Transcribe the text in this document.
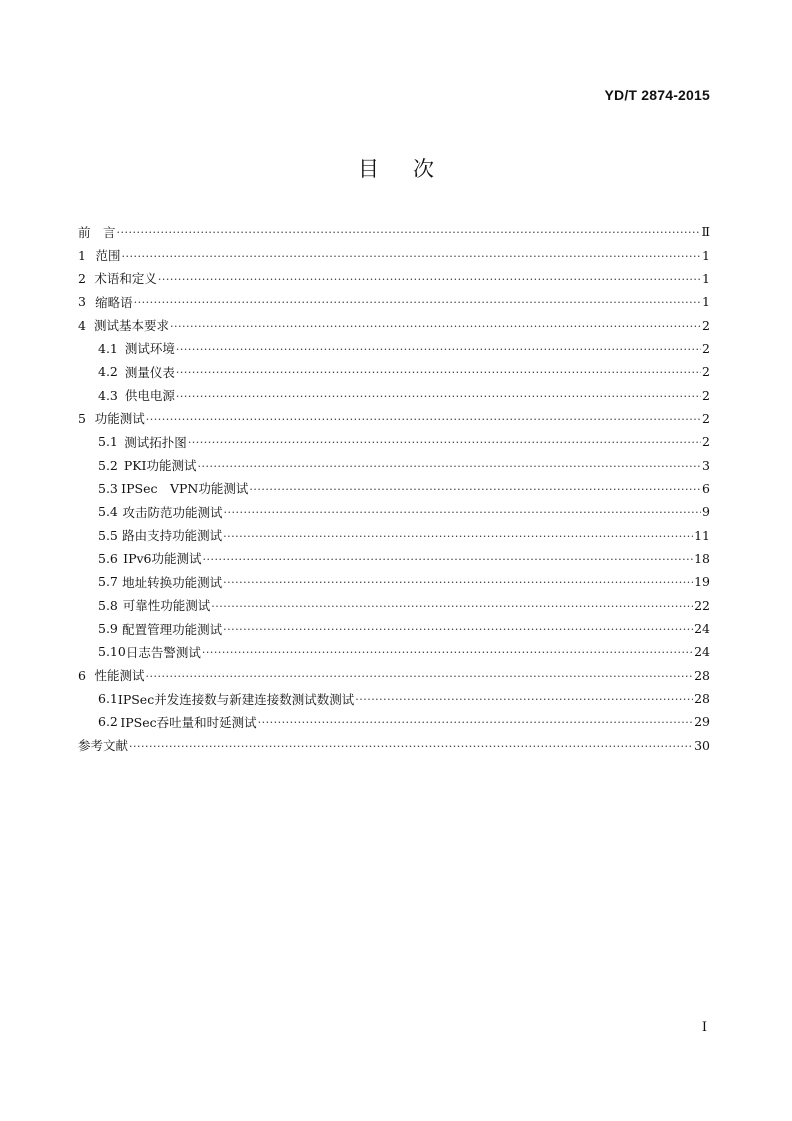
YD/T 2874-2015
目 次
前　言 ·····	Ⅱ
1 范围 ·····	1
2 术语和定义 ·····	1
3 缩略语 ·····	1
4 测试基本要求 ·····	2
4.1 测试环境 ·····	2
4.2 测量仪表 ·····	2
4.3 供电电源 ·····	2
5 功能测试 ·····	2
5.1 测试拓扑图 ·····	2
5.2 PKI功能测试 ·····	3
5.3 IPSec　VPN功能测试 ·····	6
5.4 攻击防范功能测试 ·····	9
5.5 路由支持功能测试 ·····	11
5.6 IPv6功能测试 ·····	18
5.7 地址转换功能测试 ·····	19
5.8 可靠性功能测试 ·····	22
5.9 配置管理功能测试 ·····	24
5.10 日志告警测试 ·····	24
6 性能测试 ·····	28
6.1 IPSec并发连接数与新建连接数测试数测试 ·····	28
6.2 IPSec吞吐量和时延测试 ·····	29
参考文献 ·····	30
I
